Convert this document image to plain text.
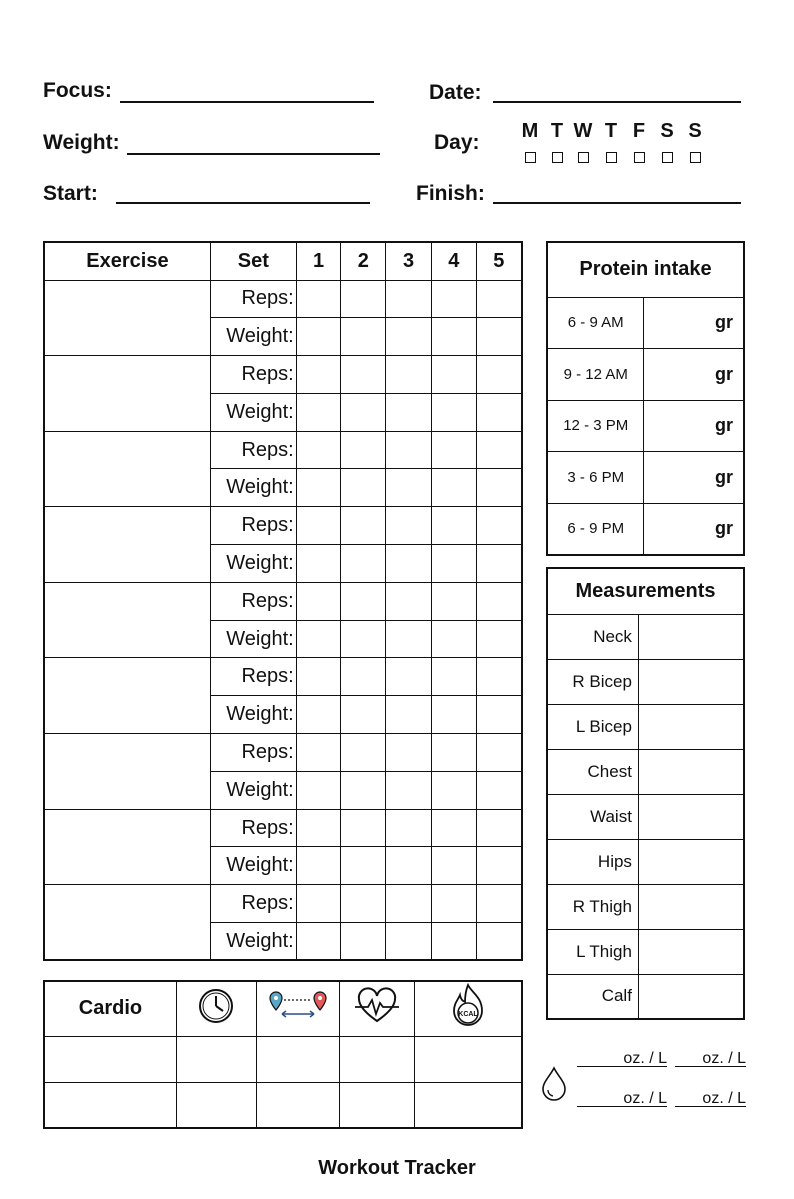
Focus:
Weight:
Start:
Date:
Day: M T W T F S S
Finish:
Exercise	Set	1	2	3	4	5
	Reps:					
	Weight:					
	Reps:					
	Weight:					
	Reps:					
	Weight:					
	Reps:					
	Weight:					
	Reps:					
	Weight:					
	Reps:					
	Weight:					
	Reps:					
	Weight:					
	Reps:					
	Weight:					
	Reps:					
	Weight:					
Protein intake	
6 - 9 AM	gr
9 - 12 AM	gr
12 - 3 PM	gr
3 - 6 PM	gr
6 - 9 PM	gr
Measurements	
Neck	
R Bicep	
L Bicep	
Chest	
Waist	
Hips	
R Thigh	
L Thigh	
Calf	
Cardio				KCAL

oz. / L	oz. / L
oz. / L	oz. / L
Workout Tracker
